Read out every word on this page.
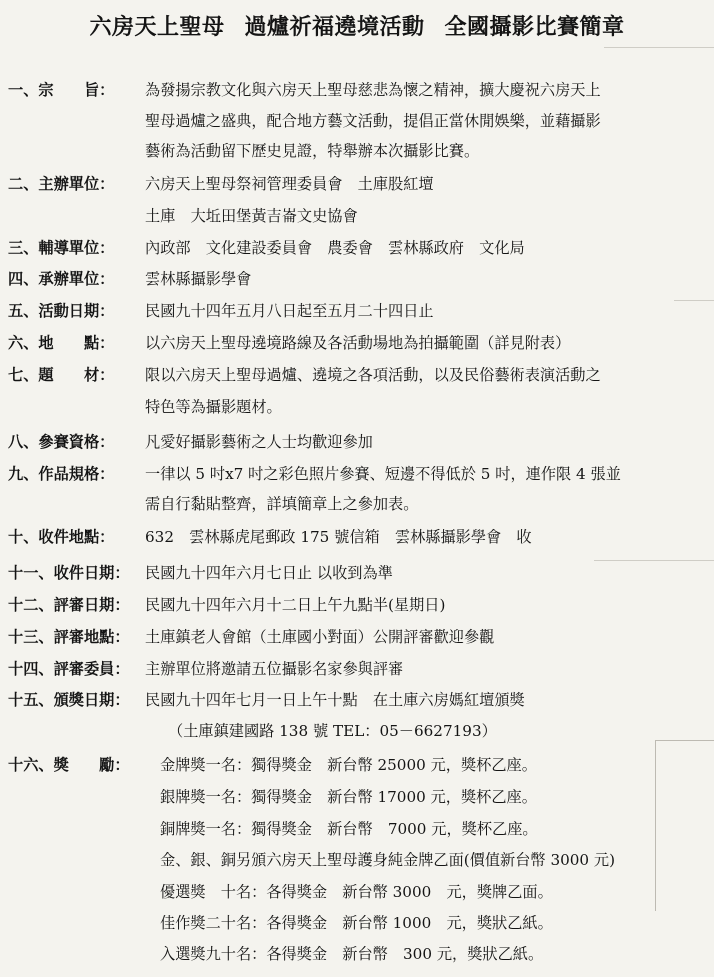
六房天上聖母 過爐祈福遶境活動 全國攝影比賽簡章
一、宗　　旨：	為發揚宗教文化與六房天上聖母慈悲為懷之精神，擴大慶祝六房天上
聖母過爐之盛典，配合地方藝文活動，提倡正當休閒娛樂，並藉攝影
藝術為活動留下歷史見證，特舉辦本次攝影比賽。
二、主辦單位：	六房天上聖母祭祠管理委員會　土庫股紅壇
土庫　大坵田堡黃吉崙文史協會
三、輔導單位：	內政部　文化建設委員會　農委會　雲林縣政府　文化局
四、承辦單位：	雲林縣攝影學會
五、活動日期：	民國九十四年五月八日起至五月二十四日止
六、地　　點：	以六房天上聖母遶境路線及各活動場地為拍攝範圍（詳見附表）
七、題　　材：	限以六房天上聖母過爐、遶境之各項活動，以及民俗藝術表演活動之
特色等為攝影題材。
八、參賽資格：	凡愛好攝影藝術之人士均歡迎參加
九、作品規格：	一律以 5 吋x7 吋之彩色照片參賽、短邊不得低於 5 吋，連作限 4 張並
需自行黏貼整齊，詳填簡章上之參加表。
十、收件地點：	632　雲林縣虎尾郵政 175 號信箱　雲林縣攝影學會　收
十一、收件日期：	民國九十四年六月七日止 以收到為準
十二、評審日期：	民國九十四年六月十二日上午九點半(星期日)
十三、評審地點：	土庫鎮老人會館（土庫國小對面）公開評審歡迎參觀
十四、評審委員：	主辦單位將邀請五位攝影名家參與評審
十五、頒獎日期：	民國九十四年七月一日上午十點　在土庫六房媽紅壇頒獎
（土庫鎮建國路 138 號 TEL：05－6627193）
十六、獎　　勵：	金牌獎一名：獨得獎金　新台幣 25000 元，獎杯乙座。
銀牌獎一名：獨得獎金　新台幣 17000 元，獎杯乙座。
銅牌獎一名：獨得獎金　新台幣　7000 元，獎杯乙座。
金、銀、銅另頒六房天上聖母護身純金牌乙面(價值新台幣 3000 元)
優選獎　十名：各得獎金　新台幣 3000　元，獎牌乙面。
佳作獎二十名：各得獎金　新台幣 1000　元，獎狀乙紙。
入選獎九十名：各得獎金　新台幣　300 元，獎狀乙紙。
